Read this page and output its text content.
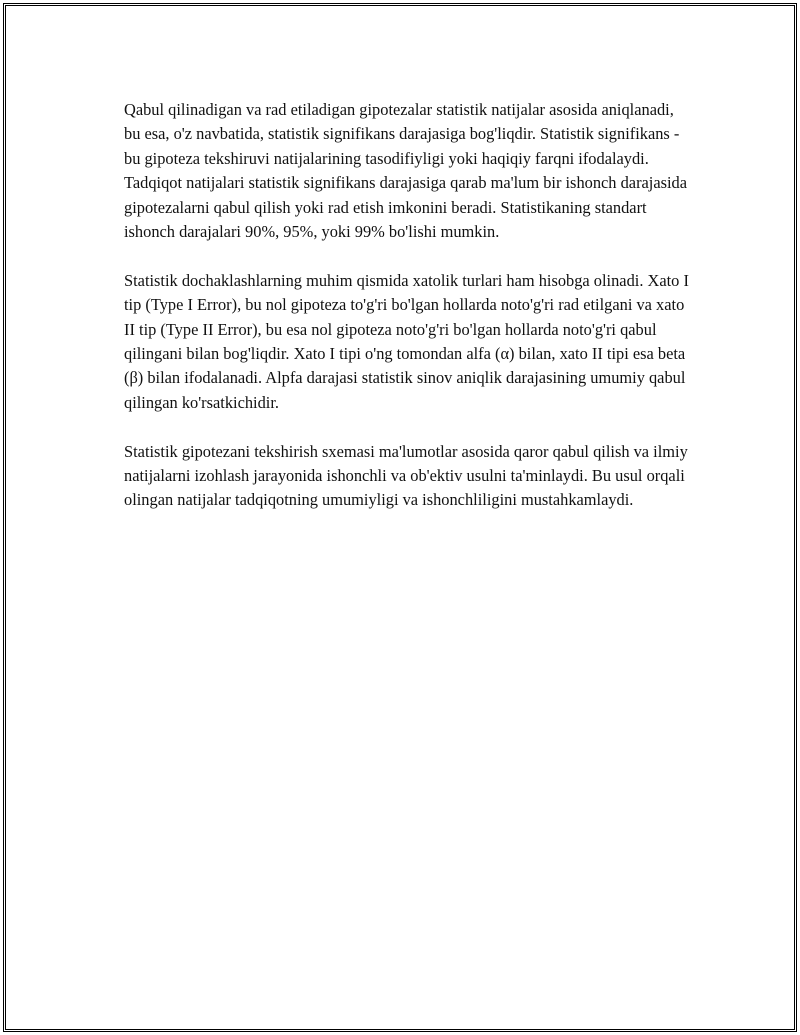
Qabul qilinadigan va rad etiladigan gipotezalar statistik natijalar asosida aniqlanadi, bu esa, o'z navbatida, statistik signifikans darajasiga bog'liqdir. Statistik signifikans - bu gipoteza tekshiruvi natijalarining tasodifiyligi yoki haqiqiy farqni ifodalaydi. Tadqiqot natijalari statistik signifikans darajasiga qarab ma'lum bir ishonch darajasida gipotezalarni qabul qilish yoki rad etish imkonini beradi. Statistikaning standart ishonch darajalari 90%, 95%, yoki 99% bo'lishi mumkin.

Statistik dochaklashlarning muhim qismida xatolik turlari ham hisobga olinadi. Xato I tip (Type I Error), bu nol gipoteza to'g'ri bo'lgan hollarda noto'g'ri rad etilgani va xato II tip (Type II Error), bu esa nol gipoteza noto'g'ri bo'lgan hollarda noto'g'ri qabul qilingani bilan bog'liqdir. Xato I tipi o'ng tomondan alfa (α) bilan, xato II tipi esa beta (β) bilan ifodalanadi. Alpfa darajasi statistik sinov aniqlik darajasining umumiy qabul qilingan ko'rsatkichidir.

Statistik gipotezani tekshirish sxemasi ma'lumotlar asosida qaror qabul qilish va ilmiy natijalarni izohlash jarayonida ishonchli va ob'ektiv usulni ta'minlaydi. Bu usul orqali olingan natijalar tadqiqotning umumiyligi va ishonchliligini mustahkamlaydi.
